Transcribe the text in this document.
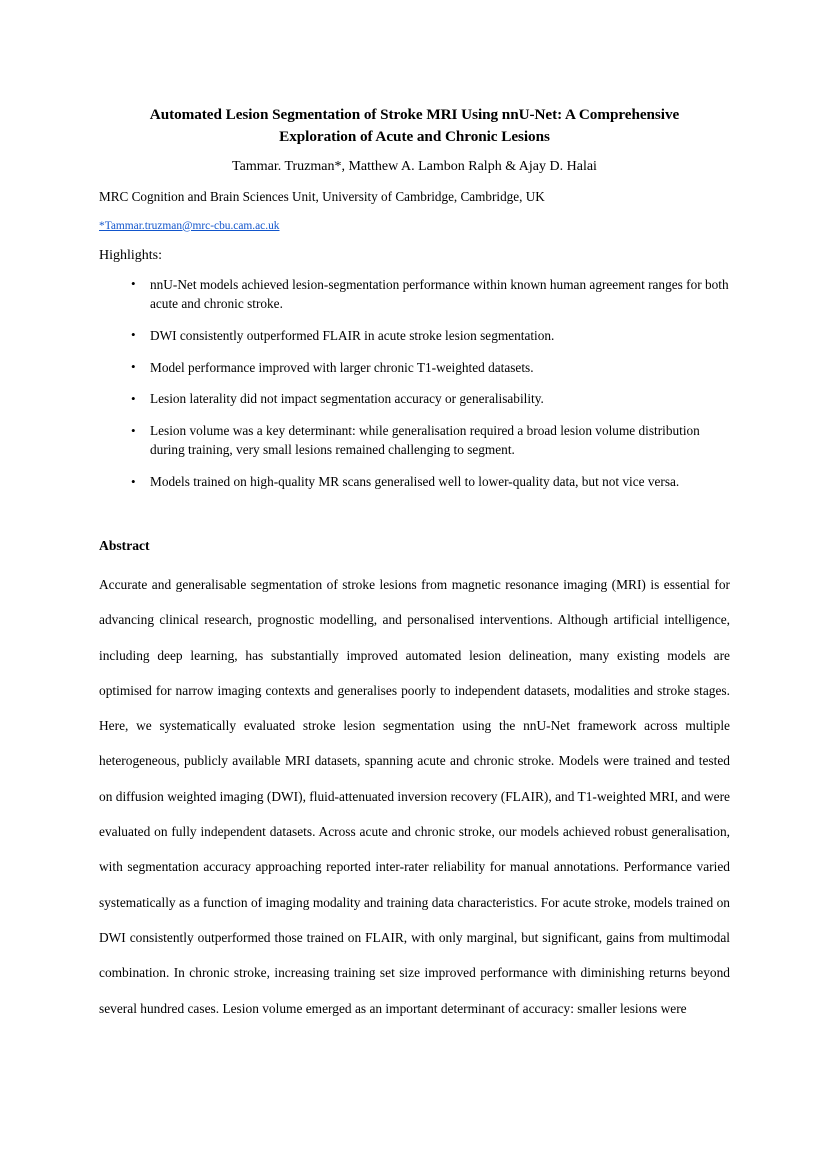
Automated Lesion Segmentation of Stroke MRI Using nnU-Net: A Comprehensive
Exploration of Acute and Chronic Lesions

Tammar. Truzman*, Matthew A. Lambon Ralph & Ajay D. Halai

MRC Cognition and Brain Sciences Unit, University of Cambridge, Cambridge, UK

*Tammar.truzman@mrc-cbu.cam.ac.uk

Highlights:

• nnU-Net models achieved lesion-segmentation performance within known human agreement ranges for both acute and chronic stroke.
• DWI consistently outperformed FLAIR in acute stroke lesion segmentation.
• Model performance improved with larger chronic T1-weighted datasets.
• Lesion laterality did not impact segmentation accuracy or generalisability.
• Lesion volume was a key determinant: while generalisation required a broad lesion volume distribution during training, very small lesions remained challenging to segment.
• Models trained on high-quality MR scans generalised well to lower-quality data, but not vice versa.
Abstract

Accurate and generalisable segmentation of stroke lesions from magnetic resonance imaging (MRI) is essential for advancing clinical research, prognostic modelling, and personalised interventions. Although artificial intelligence, including deep learning, has substantially improved automated lesion delineation, many existing models are optimised for narrow imaging contexts and generalises poorly to independent datasets, modalities and stroke stages. Here, we systematically evaluated stroke lesion segmentation using the nnU-Net framework across multiple heterogeneous, publicly available MRI datasets, spanning acute and chronic stroke. Models were trained and tested on diffusion weighted imaging (DWI), fluid-attenuated inversion recovery (FLAIR), and T1-weighted MRI, and were evaluated on fully independent datasets. Across acute and chronic stroke, our models achieved robust generalisation, with segmentation accuracy approaching reported inter-rater reliability for manual annotations. Performance varied systematically as a function of imaging modality and training data characteristics. For acute stroke, models trained on DWI consistently outperformed those trained on FLAIR, with only marginal, but significant, gains from multimodal combination. In chronic stroke, increasing training set size improved performance with diminishing returns beyond several hundred cases. Lesion volume emerged as an important determinant of accuracy: smaller lesions were
